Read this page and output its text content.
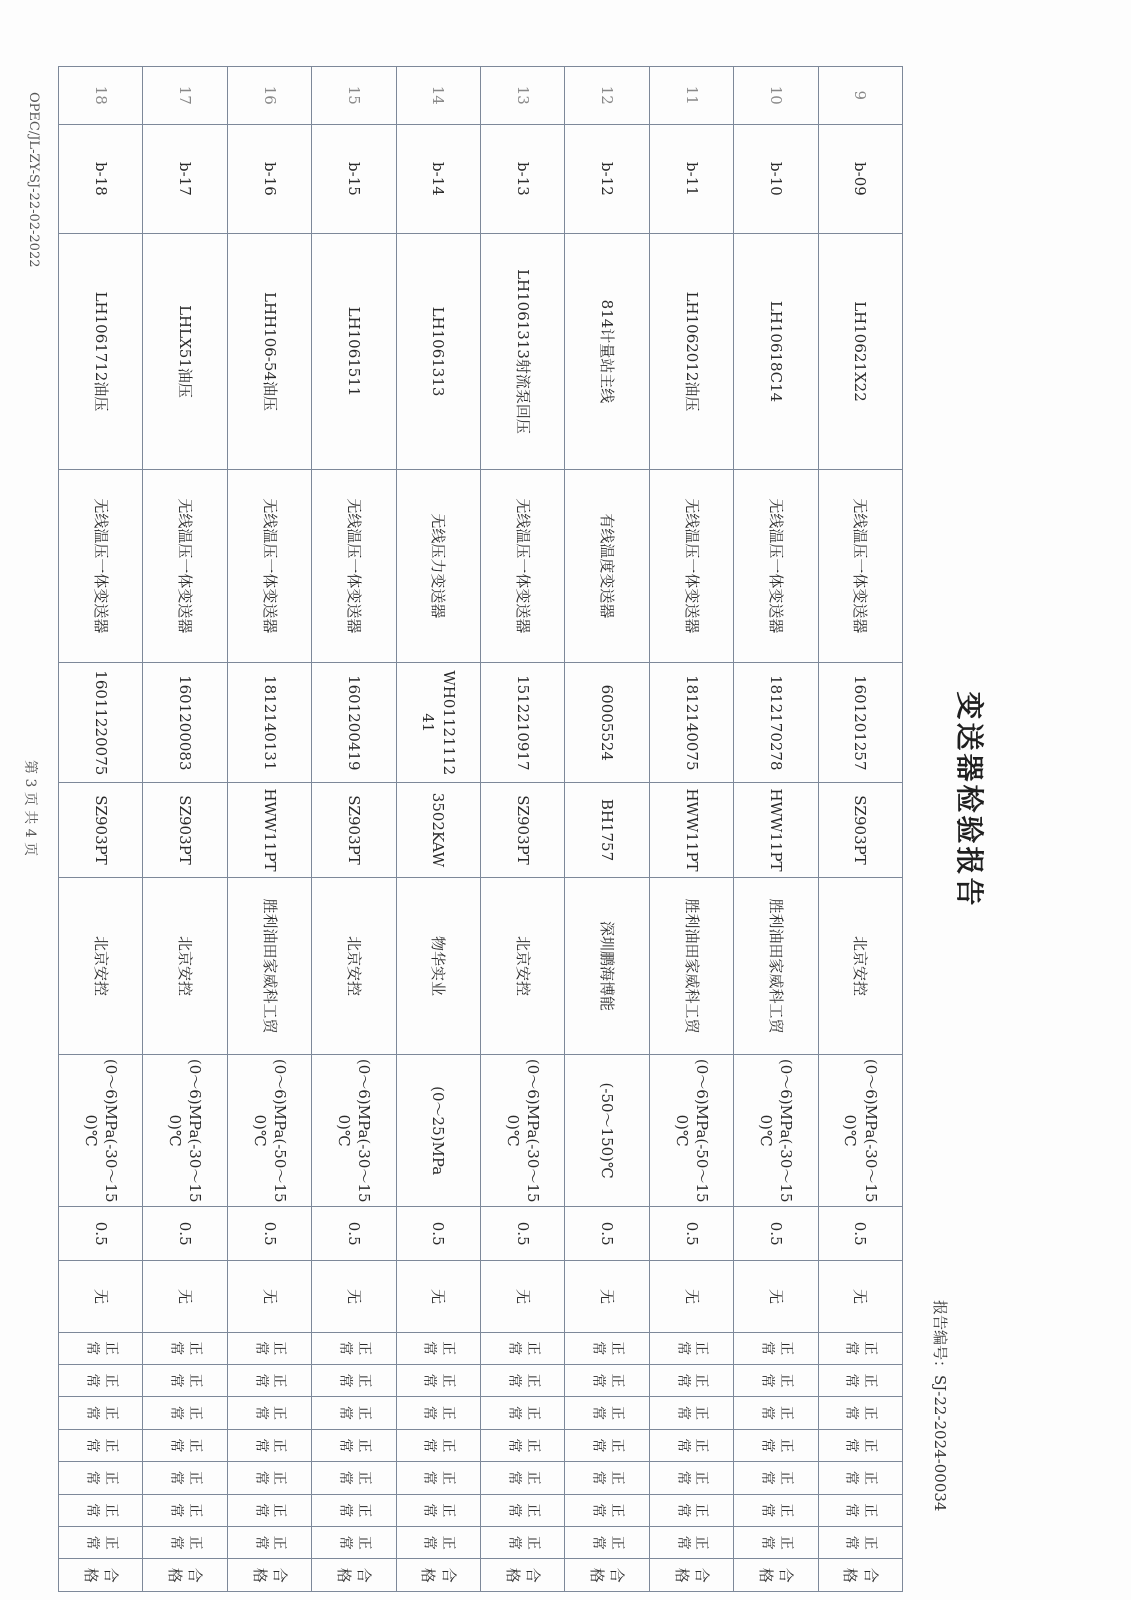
OPEC/JL-ZY-SJ-22-02-2022
变送器检验报告
报告编号：SJ-22-2024-00034
9	b-09	LH10621X22	无线温压一体变送器	1601201257	SZ903PT	北京安控	(0～6)MPa(-30～150)℃	0.5	无	正常	正常	正常	正常	正常	正常	正常	合格
10	b-10	LH10618C14	无线温压一体变送器	1812170278	HWW11PT	胜利油田家威科工贸	(0～6)MPa(-30～150)℃	0.5	无	正常	正常	正常	正常	正常	正常	正常	合格
11	b-11	LH1062012油压	无线温压一体变送器	1812140075	HWW11PT	胜利油田家威科工贸	(0～6)MPa(-50～150)℃	0.5	无	正常	正常	正常	正常	正常	正常	正常	合格
12	b-12	814计量站主线	有线温度变送器	60005524	BH1757	深圳鹏海博能	(-50～150)℃	0.5	无	正常	正常	正常	正常	正常	正常	正常	合格
13	b-13	LH1061313射流泵回压	无线温压一体变送器	1512210917	SZ903PT	北京安控	(0～6)MPa(-30～150)℃	0.5	无	正常	正常	正常	正常	正常	正常	正常	合格
14	b-14	LH1061313	无线压力变送器	WH0112111241	3502KAW	物华实业	(0～25)MPa	0.5	无	正常	正常	正常	正常	正常	正常	正常	合格
15	b-15	LH1061511	无线温压一体变送器	1601200419	SZ903PT	北京安控	(0～6)MPa(-30～150)℃	0.5	无	正常	正常	正常	正常	正常	正常	正常	合格
16	b-16	LHH106-54油压	无线温压一体变送器	1812140131	HWW11PT	胜利油田家威科工贸	(0～6)MPa(-50～150)℃	0.5	无	正常	正常	正常	正常	正常	正常	正常	合格
17	b-17	LHLX51油压	无线温压一体变送器	1601200083	SZ903PT	北京安控	(0～6)MPa(-30～150)℃	0.5	无	正常	正常	正常	正常	正常	正常	正常	合格
18	b-18	LH1061712油压	无线温压一体变送器	16011220075	SZ903PT	北京安控	(0～6)MPa(-30～150)℃	0.5	无	正常	正常	正常	正常	正常	正常	正常	合格
第 3 页 共 4 页
